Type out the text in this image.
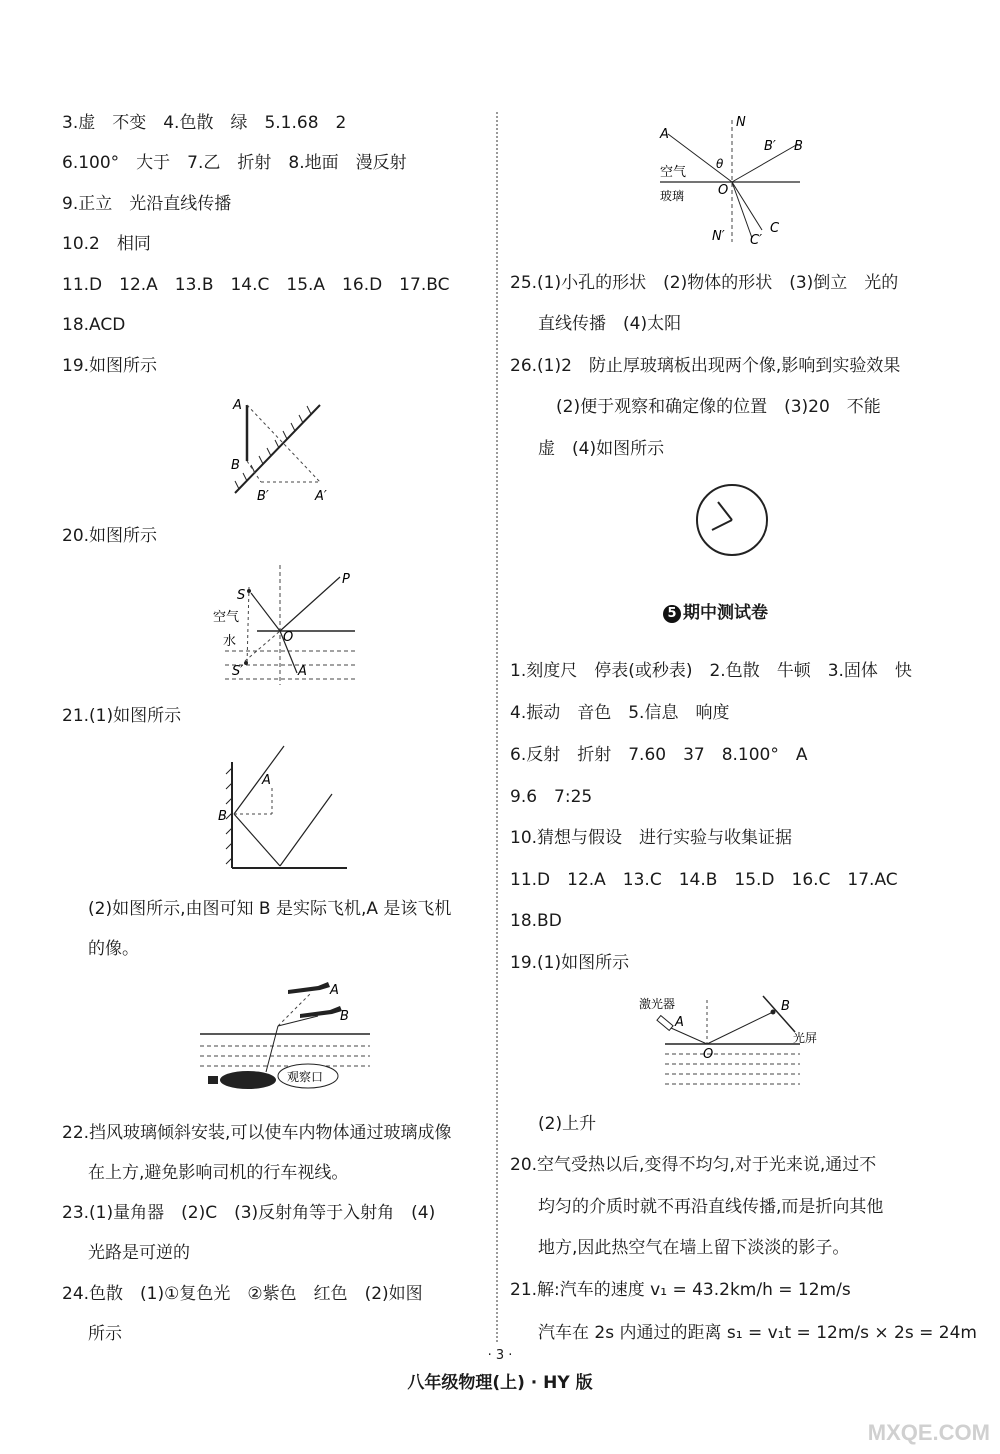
3.虚　不变　4.色散　绿　5.1.68　2
6.100°　大于　7.乙　折射　8.地面　漫反射
9.正立　光沿直线传播
10.2　相同
11.D　12.A　13.B　14.C　15.A　16.D　17.BC
18.ACD
19.如图所示
A
B
B′	A′
20.如图所示
S
P
空气
水	O
S′	A
21.(1)如图所示
A
B
(2)如图所示,由图可知 B 是实际飞机,A 是该飞机
的像。
A
B
观察口
22.挡风玻璃倾斜安装,可以使车内物体通过玻璃成像
在上方,避免影响司机的行车视线。
23.(1)量角器　(2)C　(3)反射角等于入射角　(4)
光路是可逆的
24.色散　(1)①复色光　②紫色　红色　(2)如图
所示
A
N
B′ B
θ
空气
玻璃	O
N′ C′
C
25.(1)小孔的形状　(2)物体的形状　(3)倒立　光的
直线传播　(4)太阳
26.(1)2　防止厚玻璃板出现两个像,影响到实验效果
(2)便于观察和确定像的位置　(3)20　不能
虚　(4)如图所示
5 期中测试卷
1.刻度尺　停表(或秒表)　2.色散　牛顿　3.固体　快
4.振动　音色　5.信息　响度
6.反射　折射　7.60　37　8.100°　A
9.6　7:25
10.猜想与假设　进行实验与收集证据
11.D　12.A　13.C　14.B　15.D　16.C　17.AC
18.BD
19.(1)如图所示
激光器
A
B
光屏
O
(2)上升
20.空气受热以后,变得不均匀,对于光来说,通过不
均匀的介质时就不再沿直线传播,而是折向其他
地方,因此热空气在墙上留下淡淡的影子。
21.解:汽车的速度 v₁ = 43.2km/h = 12m/s
汽车在 2s 内通过的距离 s₁ = v₁t = 12m/s × 2s = 24m
· 3 ·
八年级物理(上) · HY 版
MXQE.COM
